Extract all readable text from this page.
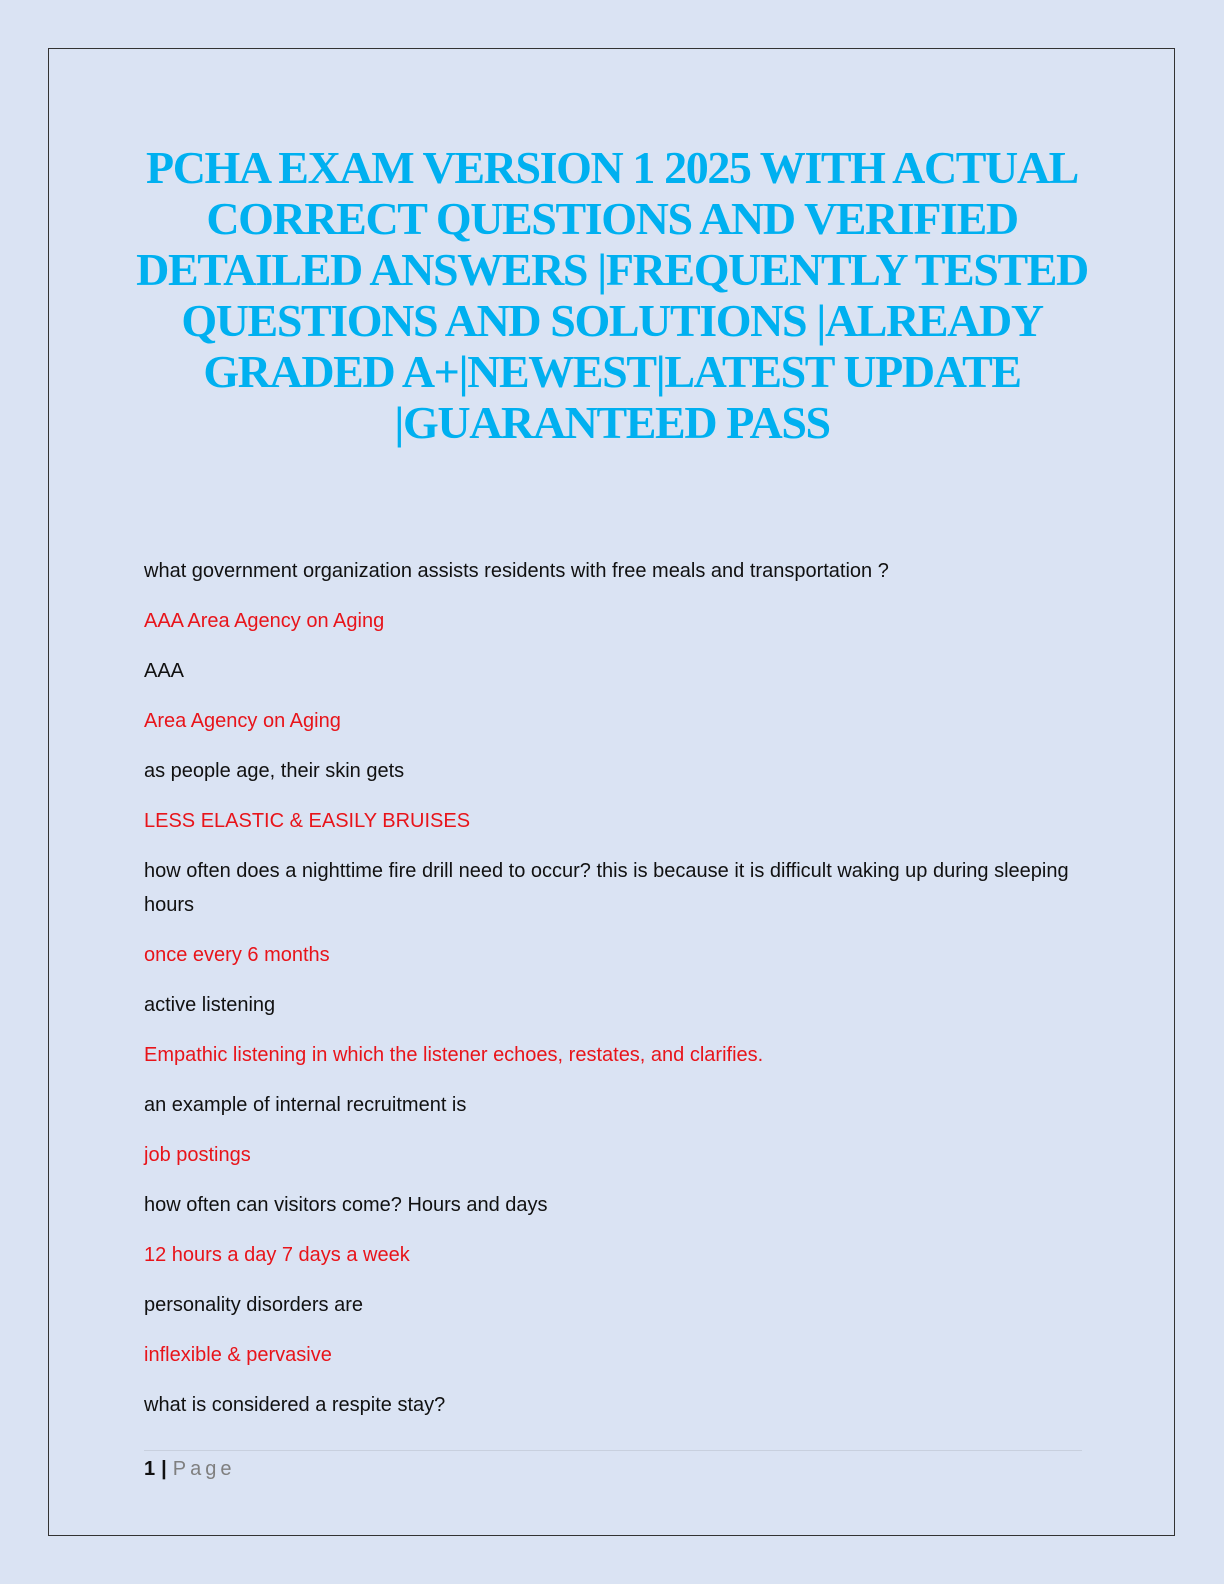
PCHA EXAM VERSION 1 2025 WITH ACTUAL CORRECT QUESTIONS AND VERIFIED DETAILED ANSWERS |FREQUENTLY TESTED QUESTIONS AND SOLUTIONS |ALREADY GRADED A+|NEWEST|LATEST UPDATE |GUARANTEED PASS

what government organization assists residents with free meals and transportation ?

AAA Area Agency on Aging

AAA

Area Agency on Aging

as people age, their skin gets

LESS ELASTIC & EASILY BRUISES

how often does a nighttime fire drill need to occur? this is because it is difficult waking up during sleeping hours

once every 6 months

active listening

Empathic listening in which the listener echoes, restates, and clarifies.

an example of internal recruitment is

job postings

how often can visitors come? Hours and days

12 hours a day 7 days a week

personality disorders are

inflexible & pervasive

what is considered a respite stay?

1 | Page
